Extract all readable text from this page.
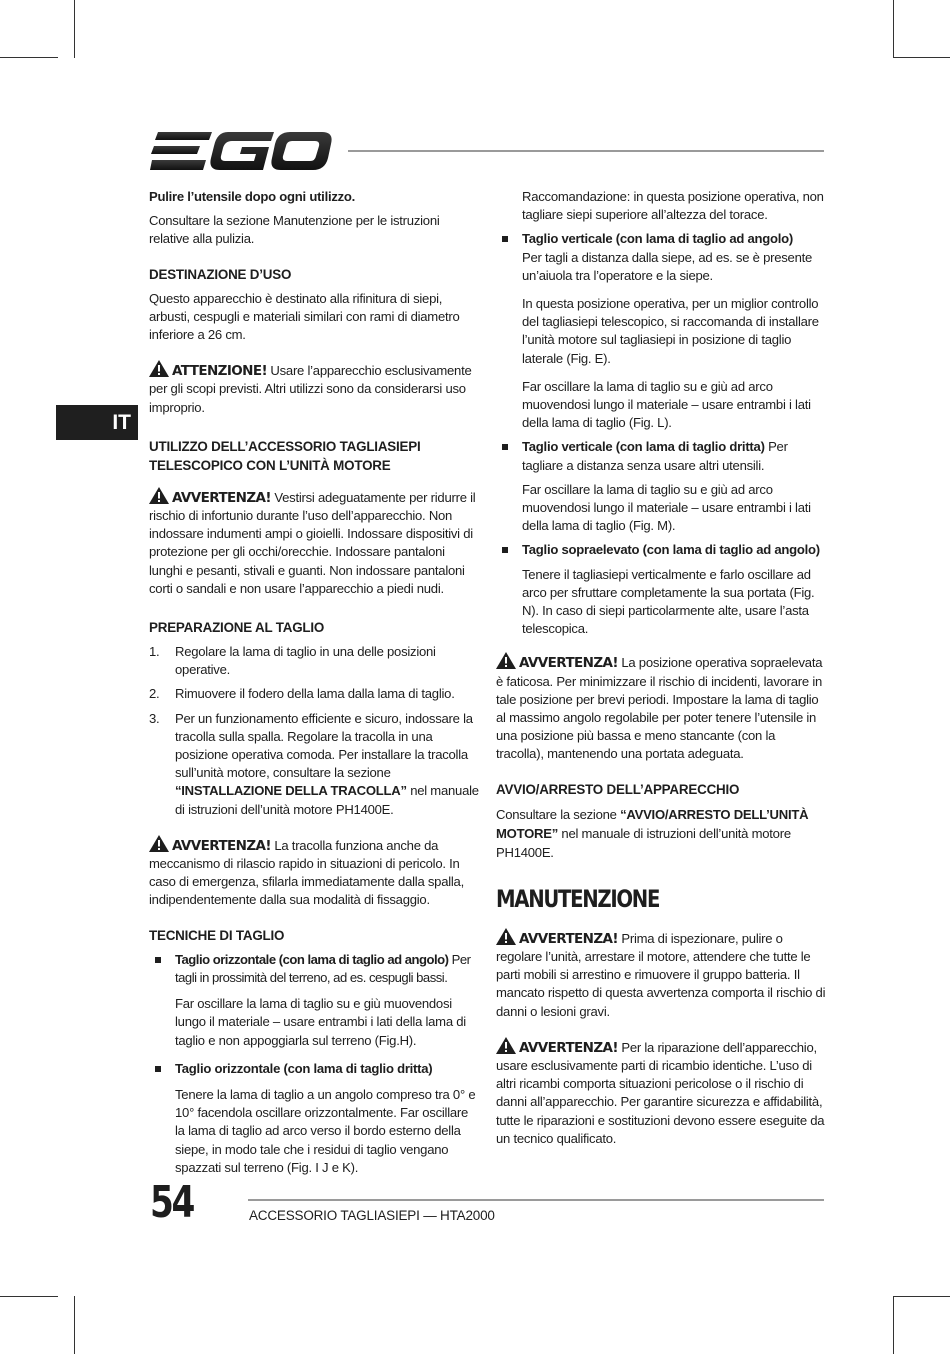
IT

Pulire l’utensile dopo ogni utilizzo.

Consultare la sezione Manutenzione per le istruzioni relative alla pulizia.

DESTINAZIONE D’USO

Questo apparecchio è destinato alla rifinitura di siepi, arbusti, cespugli e materiali similari con rami di diametro inferiore a 26 cm.

ATTENZIONE! Usare l’apparecchio esclusivamente per gli scopi previsti. Altri utilizzi sono da considerarsi uso improprio.

UTILIZZO DELL’ACCESSORIO TAGLIASIEPI
TELESCOPICO CON L’UNITÀ MOTORE

AVVERTENZA! Vestirsi adeguatamente per ridurre il rischio di infortunio durante l’uso dell’apparecchio. Non indossare indumenti ampi o gioielli. Indossare dispositivi di protezione per gli occhi/orecchie. Indossare pantaloni lunghi e pesanti, stivali e guanti. Non indossare pantaloni corti o sandali e non usare l’apparecchio a piedi nudi.

PREPARAZIONE AL TAGLIO
1. Regolare la lama di taglio in una delle posizioni operative.
2. Rimuovere il fodero della lama dalla lama di taglio.
3. Per un funzionamento efficiente e sicuro, indossare la tracolla sulla spalla. Regolare la tracolla in una posizione operativa comoda. Per installare la tracolla sull’unità motore, consultare la sezione “INSTALLAZIONE DELLA TRACOLLA” nel manuale di istruzioni dell’unità motore PH1400E.

AVVERTENZA! La tracolla funziona anche da meccanismo di rilascio rapido in situazioni di pericolo. In caso di emergenza, sfilarla immediatamente dalla spalla, indipendentemente dalla sua modalità di fissaggio.

TECNICHE DI TAGLIO
Taglio orizzontale (con lama di taglio ad angolo) Per tagli in prossimità del terreno, ad es. cespugli bassi.

Far oscillare la lama di taglio su e giù muovendosi lungo il materiale – usare entrambi i lati della lama di taglio e non appoggiarla sul terreno (Fig.H).

Taglio orizzontale (con lama di taglio dritta)

Tenere la lama di taglio a un angolo compreso tra 0° e 10° facendola oscillare orizzontalmente. Far oscillare la lama di taglio ad arco verso il bordo esterno della siepe, in modo tale che i residui di taglio vengano spazzati sul terreno (Fig. I J e K).

Raccomandazione: in questa posizione operativa, non tagliare siepi superiore all’altezza del torace.

Taglio verticale (con lama di taglio ad angolo)
Per tagli a distanza dalla siepe, ad es. se è presente un’aiuola tra l’operatore e la siepe.

In questa posizione operativa, per un miglior controllo del tagliasiepi telescopico, si raccomanda di installare l’unità motore sul tagliasiepi in posizione di taglio laterale (Fig. E).

Far oscillare la lama di taglio su e giù ad arco muovendosi lungo il materiale – usare entrambi i lati della lama di taglio (Fig. L).

Taglio verticale (con lama di taglio dritta) Per tagliare a distanza senza usare altri utensili.

Far oscillare la lama di taglio su e giù ad arco muovendosi lungo il materiale – usare entrambi i lati della lama di taglio (Fig. M).

Taglio sopraelevato (con lama di taglio ad angolo)

Tenere il tagliasiepi verticalmente e farlo oscillare ad arco per sfruttare completamente la sua portata (Fig. N). In caso di siepi particolarmente alte, usare l’asta telescopica.

AVVERTENZA! La posizione operativa sopraelevata è faticosa. Per minimizzare il rischio di incidenti, lavorare in tale posizione per brevi periodi. Impostare la lama di taglio al massimo angolo regolabile per poter tenere l’utensile in una posizione più bassa e meno stancante (con la tracolla), mantenendo una portata adeguata.

AVVIO/ARRESTO DELL’APPARECCHIO

Consultare la sezione “AVVIO/ARRESTO DELL’UNITÀ MOTORE” nel manuale di istruzioni dell’unità motore PH1400E.

MANUTENZIONE

AVVERTENZA! Prima di ispezionare, pulire o regolare l’unità, arrestare il motore, attendere che tutte le parti mobili si arrestino e rimuovere il gruppo batteria. Il mancato rispetto di questa avvertenza comporta il rischio di danni o lesioni gravi.

AVVERTENZA! Per la riparazione dell’apparecchio, usare esclusivamente parti di ricambio identiche. L’uso di altri ricambi comporta situazioni pericolose o il rischio di danni all’apparecchio. Per garantire sicurezza e affidabilità, tutte le riparazioni e sostituzioni devono essere eseguite da un tecnico qualificato.

54	ACCESSORIO TAGLIASIEPI — HTA2000
